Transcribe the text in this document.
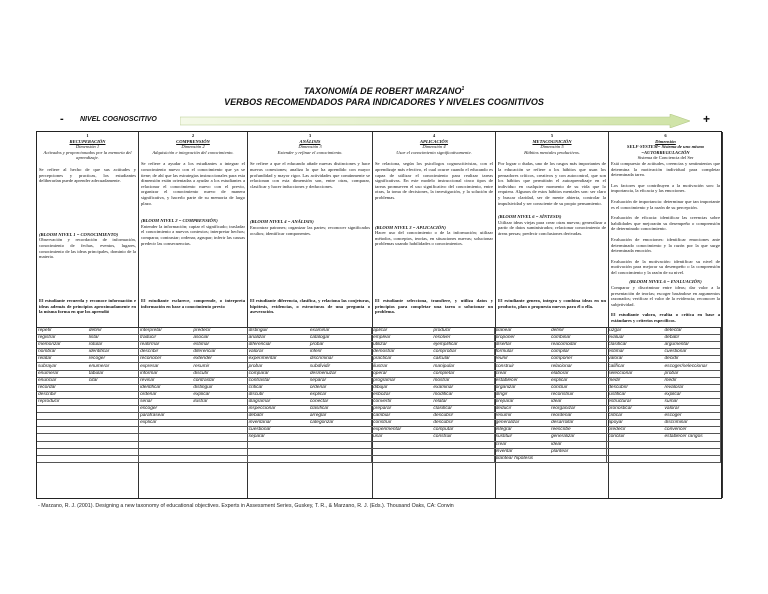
TAXONOMÍA DE ROBERT MARZANO$^1$
VERBOS RECOMENDADOS PARA INDICADORES Y NIVELES COGNITIVOS
- NIVEL COGNOSCITIVO	+
1
RECUPERACIÓN
Dimensión 1
Activados y proporcionados por la memoria del aprendizaje.
Se refiere al hecho de que sus actitudes y percepciones y practicas, los estudiantes deliberarían puede aprender adecuadamente.
(BLOOM NIVEL 1 = CONOCIMIENTO)
Observación y recordación de información, conocimiento de fechas, eventos, lugares, conocimiento de las ideas principales, dominio de la materia.
El estudiante recuerda y reconoce información e ideas además de principios aproximadamente en la misma forma en que los aprendió
2
COMPRENSIÓN
Dimensión 2
Adquisición e integración del conocimiento.
Se refiere a ayudar a los estudiantes a integrar el conocimiento nuevo con el conocimiento que ya se tiene; de ahí que las estrategias instruccionales para esta dimensión están orientadas a ayudar a los estudiantes a relacionar el conocimiento nuevo con el previo, organizar el conocimiento nuevo de manera significativa, y hacerlo parte de su memoria de largo plazo.
(BLOOM NIVEL 2 = COMPRENSIÓN)
Entender la información; captar el significado; trasladar el conocimiento a nuevos contextos; interpretar hechos; comparar, contrastar; ordenar, agrupar; inferir las causas predecir las consecuencias.
El estudiante esclarece, comprende, o interpreta información en base a conocimiento previo
3
ANÁLISIS
Dimensión 3
Extender y refinar el conocimiento.
Se refiere a que el educando añade nuevas distinciones y hace nuevas conexiones; analiza lo que ha aprendido con mayor profundidad y mayor rigor. Las actividades que comúnmente se relacionan con esta dimensión son, entre otras, comparar, clasificar y hacer inducciones y deducciones.
(BLOOM NIVEL 4 = ANÁLISIS)
Encontrar patrones; organizar las partes; reconocer significados ocultos; identificar componentes.
El estudiante diferencia, clasifica, y relaciona las conjeturas, hipótesis, evidencias, o estructuras de una pregunta o aseveración.
4
APLICACIÓN
Dimensión 4
Usar el conocimiento significativamente.
Se relaciona, según los psicólogos cognoscitivistas, con el aprendizaje más efectivo, el cual ocurre cuando el educando es capaz de utilizar el conocimiento para realizar tareas significativas. En este modelo instruccional cinco tipos de tareas promueven el uso significativo del conocimiento, entre otras, la toma de decisiones, la investigación, y la solución de problemas.
(BLOOM NIVEL 3 = APLICACIÓN)
Hacer uso del conocimiento o de la información; utilizar métodos, conceptos, teorías, en situaciones nuevas; solucionar problemas usando habilidades o conocimientos.
El estudiante selecciona, transfiere, y utiliza datos y principios para completar una tarea o solucionar un problema.
5
METACOGNICIÓN
Dimensión 5
Hábitos mentales productivos.
Por lograr o dudas, uno de los rasgos más importantes de la educación se refiere a los hábitos que usan los pensadores críticos, creativos y con autocontrol, que son los hábitos que permitirán el autoaprendizaje en el individuo en cualquier momento de su vida que lo requiera. Algunos de estos hábitos mentales son: ser claro y buscar claridad, ser de mente abierta, controlar la impulsividad y ser consciente de su propio pensamiento.
(BLOOM NIVEL 6 = SÍNTESIS)
Utilizar ideas viejas para crear otras nuevas; generalizar a partir de datos suministrados; relacionar conocimiento de áreas persas; predecir conclusiones derivadas.
El estudiante genera, integra y combina ideas en un producto, plan o propuesta nuevos para él o ella.
6
Dimensión
SELF-SYSTEM= Sistema de uno mismo =AUTORREGULACIÓN
Sistema de Conciencia del Ser
Está compuesto de actitudes, creencias y sentimientos que determina la motivación individual para completar determinada tarea.
Los factores que contribuyen a la motivación son: la importancia, la eficacia y las emociones.
Evaluación de importancia: determinar que tan importante es el conocimiento y la razón de su percepción.
Evaluación de eficacia: identificar las creencias sobre habilidades que mejorarán su desempeño o comprensión de determinado conocimiento.
Evaluación de emociones: identificar emociones ante determinado conocimiento y la razón por la que surge determinada emoción.
Evaluación de la motivación: identificar su nivel de motivación para mejorar su desempeño o la comprensión del conocimiento y la razón de su nivel.
(BLOOM NIVEL 6 = EVALUACIÓN)
Comparar y discriminar entre ideas; dar valor a la presentación de teorías; escoger basándose en argumentos razonados; verificar el valor de la evidencia; reconocer la subjetividad.
El estudiante valora, evalúa o critica en base a estándares y criterios específicos.
repetir	definir	interpretar	predecir	distinguir	examinar	aplicar	producir	planear	definir	juzgar	detectar
registrar	listar	traducir	asociar	analizar	catalogar	emplear	resolver	proponer	combinar	evaluar	debatir
memorizar	rotular	reafirmar	estimar	diferenciar	probar	utilizar	ejemplificar	diseñar	reacomodar	clasificar	argumentar
nombrar	identificar	describir	diferenciar	valorar	inferir	demostrar	comprobar	formular	compilar	estimar	cuestionar
relatar	recoger	reconocer	extender	experimentar	discriminar	practicar	calcular	reunir	componer	valorar	decidir
subrayar	enumerar	expresar	resumir	probar	subdividir	ilustrar	manipular	construir	relacionar	calificar	escoger/seleccionar
enumerar	tabular	informar	discutir	comparar	desmenuzar	operar	completar	crear	elaborar	seleccionar	probar
enunciar	citar	revisar	contrastar	contrastar	separar	programar	mostrar	establecer	explicar	medir	medir
recordar		identificar	distinguir	criticar	ordenar	dibujar	examinar	organizar	concluir	descubrir	revalorar
describir		ordenar	explicar	discutir	explicar	esbozar	modificar	dirigir	reconstruir	justificar	explicar
reproducir		seriar	ilustrar	diagramar	conectar	convertir	relatar	preparar	idear	estructurar	sumar
		escoger		inspeccionar	clasificar	preparar	clasificar	deducir	reorganizar	pronosticar	valorar
		parafrasear		debatir	arreglar	cambiar	descubrir	resumir	reordenar	criticar	escoger
		explicar		inventariar	categorizar	construir	descubrir	generalizar	desarrollar	apoyar	discriminar
				cuestionar		experimentar	computar	integrar	reescribe	predecir	convencer
				separar		usar	construir	sustituir	generalizar	concluir	establecer rangos
								crear	idear		
								inventar	plantear		
								plantear hipótesis			
- Marzano, R. J. (2001). Designing a new taxonomy of educational objectives. Experts in Assessment Series, Guskey, T. R., & Marzano, R. J. (Eds.). Thousand Oaks, CA: Corwin
